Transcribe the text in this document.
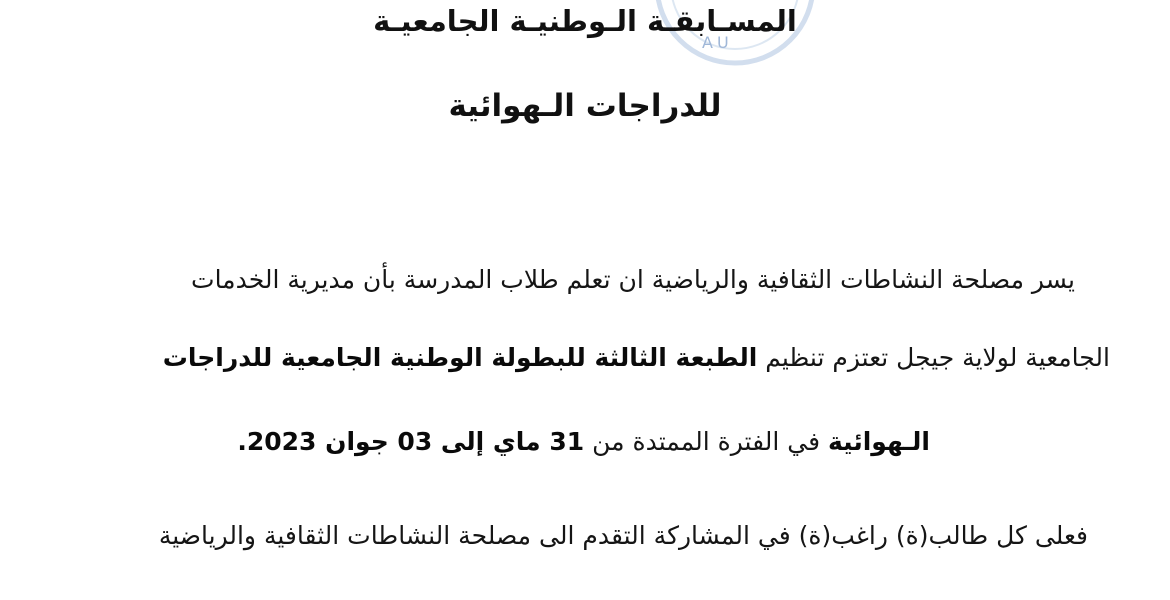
AU
المسـابقـة الـوطنيـة الجامعيـة
للدراجات الـهوائية
يسر مصلحة النشاطات الثقافية والرياضية ان تعلم طلاب المدرسة بأن مديرية الخدمات
الجامعية لولاية جيجل تعتزم تنظيم الطبعة الثالثة للبطولة الوطنية الجامعية للدراجات
الـهوائية في الفترة الممتدة من 31 ماي إلى 03 جوان 2023.
فعلى كل طالب(ة) راغب(ة) في المشاركة التقدم الى مصلحة النشاطات الثقافية والرياضية
